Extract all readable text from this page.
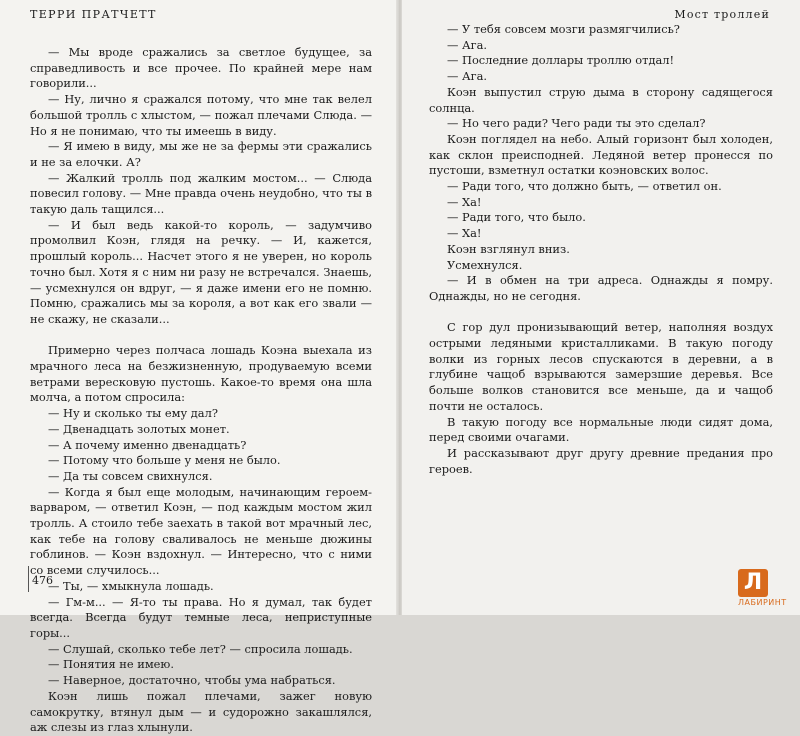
ТЕРРИ ПРАТЧЕТТ

— Мы вроде сражались за светлое будущее, за справедливость и все прочее. По крайней мере нам говорили...

— Ну, лично я сражался потому, что мне так велел большой тролль с хлыстом, — пожал плечами Слюда. — Но я не понимаю, что ты имеешь в виду.

— Я имею в виду, мы же не за фермы эти сражались и не за елочки. А?

— Жалкий тролль под жалким мостом... — Слюда повесил голову. — Мне правда очень неудобно, что ты в такую даль тащился...

— И был ведь какой-то король, — задумчиво промолвил Коэн, глядя на речку. — И, кажется, прошлый король... Насчет этого я не уверен, но король точно был. Хотя я с ним ни разу не встречался. Знаешь, — усмехнулся он вдруг, — я даже имени его не помню. Помню, сражались мы за короля, а вот как его звали — не скажу, не сказали...

Примерно через полчаса лошадь Коэна выехала из мрачного леса на безжизненную, продуваемую всеми ветрами вересковую пустошь. Какое-то время она шла молча, а потом спросила:

— Ну и сколько ты ему дал?

— Двенадцать золотых монет.

— А почему именно двенадцать?

— Потому что больше у меня не было.

— Да ты совсем свихнулся.

— Когда я был еще молодым, начинающим героем-варваром, — ответил Коэн, — под каждым мостом жил тролль. А стоило тебе заехать в такой вот мрачный лес, как тебе на голову сваливалось не меньше дюжины гоблинов. — Коэн вздохнул. — Интересно, что с ними со всеми случилось...

— Ты, — хмыкнула лошадь.

— Гм-м... — Я-то ты права. Но я думал, так будет всегда. Всегда будут темные леса, неприступные горы...

— Слушай, сколько тебе лет? — спросила лошадь.

— Понятия не имею.

— Наверное, достаточно, чтобы ума набраться.

Коэн лишь пожал плечами, зажег новую самокрутку, втянул дым — и судорожно закашлялся, аж слезы из глаз хлынули.

476
Мост троллей

— У тебя совсем мозги размягчились?

— Ага.

— Последние доллары троллю отдал!

— Ага.

Коэн выпустил струю дыма в сторону садящегося солнца.

— Но чего ради? Чего ради ты это сделал?

Коэн поглядел на небо. Алый горизонт был холоден, как склон преисподней. Ледяной ветер пронесся по пустоши, взметнул остатки коэновских волос.

— Ради того, что должно быть, — ответил он.

— Ха!

— Ради того, что было.

— Ха!

Коэн взглянул вниз.

Усмехнулся.

— И в обмен на три адреса. Однажды я помру. Однажды, но не сегодня.

С гор дул пронизывающий ветер, наполняя воздух острыми ледяными кристалликами. В такую погоду волки из горных лесов спускаются в деревни, а в глубине чащоб взрываются замерзшие деревья. Все больше волков становится все меньше, да и чащоб почти не осталось.

В такую погоду все нормальные люди сидят дома, перед своими очагами.

И рассказывают друг другу древние предания про героев.

Л
ЛАБИРИНТ
